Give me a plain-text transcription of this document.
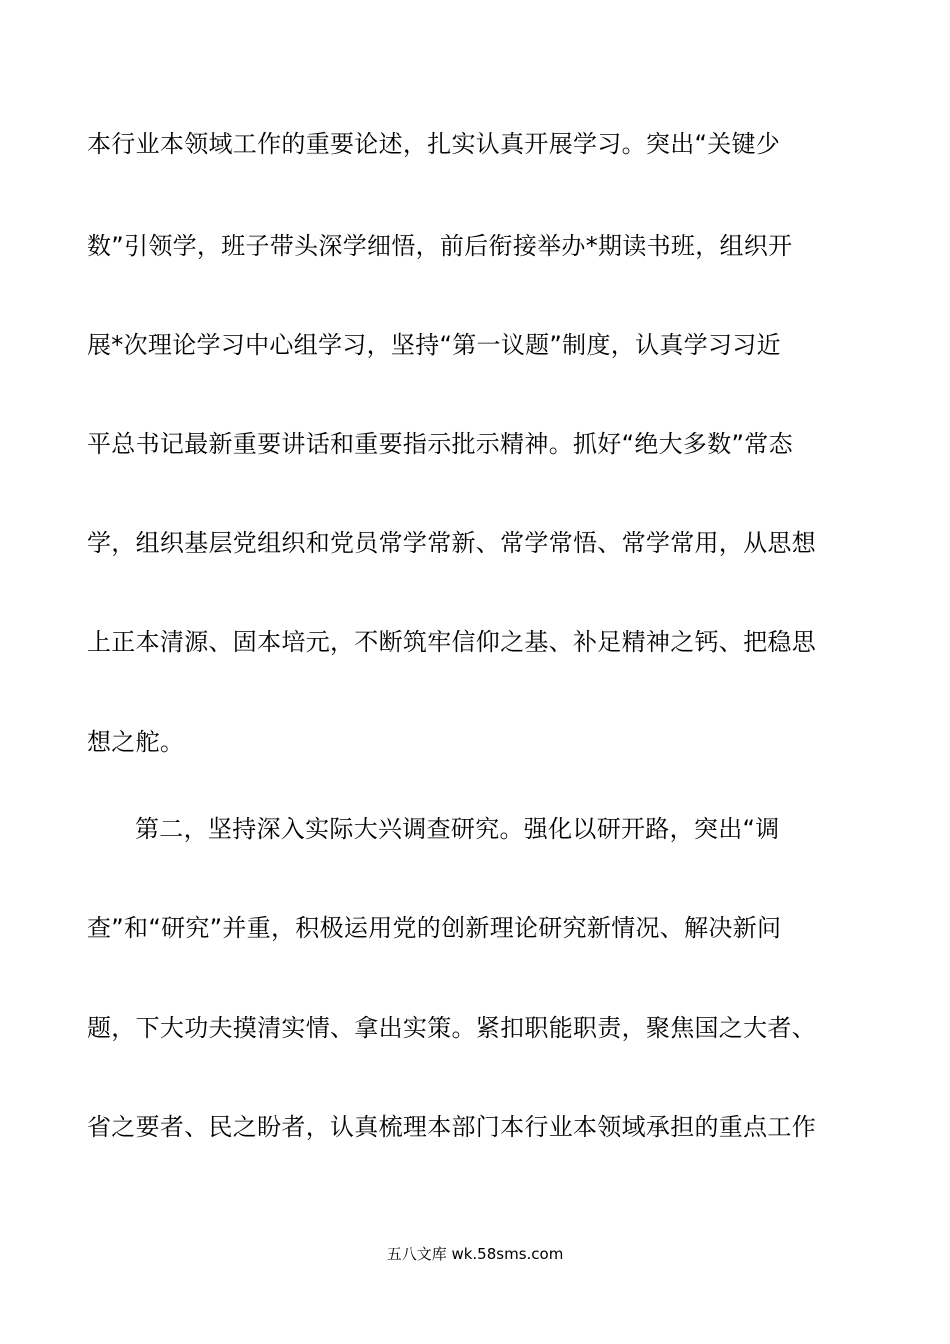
本行业本领域工作的重要论述，扎实认真开展学习。突出“关键少
数”引领学，班子带头深学细悟，前后衔接举办*期读书班，组织开
展*次理论学习中心组学习，坚持“第一议题”制度，认真学习习近
平总书记最新重要讲话和重要指示批示精神。抓好“绝大多数”常态
学，组织基层党组织和党员常学常新、常学常悟、常学常用，从思想
上正本清源、固本培元，不断筑牢信仰之基、补足精神之钙、把稳思
想之舵。
第二，坚持深入实际大兴调查研究。强化以研开路，突出“调
查”和“研究”并重，积极运用党的创新理论研究新情况、解决新问
题，下大功夫摸清实情、拿出实策。紧扣职能职责，聚焦国之大者、
省之要者、民之盼者，认真梳理本部门本行业本领域承担的重点工作
五八文库 wk.58sms.com
